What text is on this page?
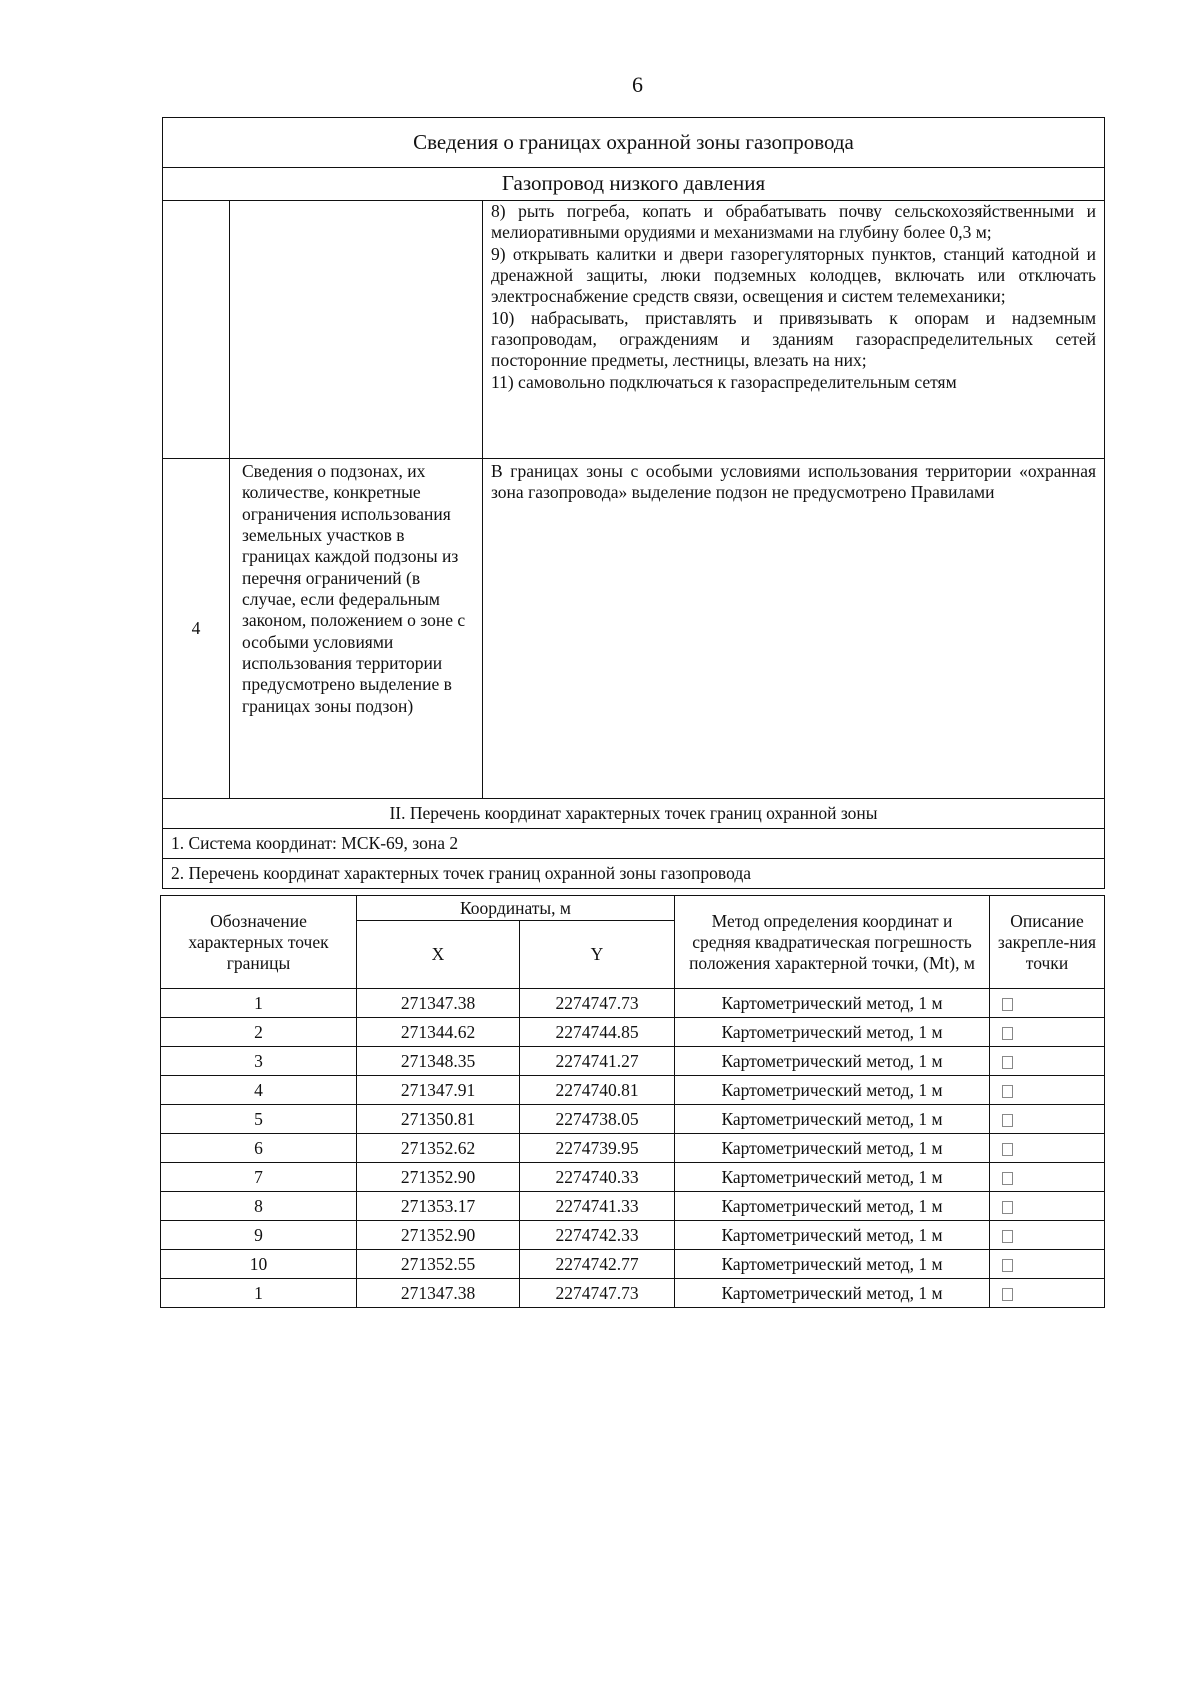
6
Сведения о границах охранной зоны газопровода		
Газопровод низкого давления		

		8) рыть погреба, копать и обрабатывать почву сельскохозяйственными и мелиоративными орудиями и механизмами на глубину более 0,3 м;

9) открывать калитки и двери газорегуляторных пунктов, станций катодной и дренажной защиты, люки подземных колодцев, включать или отключать электроснабжение средств связи, освещения и систем телемеханики;

10) набрасывать, приставлять и привязывать к опорам и надземным газопроводам, ограждениям и зданиям газораспределительных сетей посторонние предметы, лестницы, влезать на них;

11) самовольно подключаться к газораспределительным сетям

4	Сведения о подзонах, их количестве, конкретные ограничения использования земельных участков в границах каждой подзоны из перечня ограничений (в случае, если федеральным законом, положением о зоне с особыми условиями использования территории предусмотрено выделение в границах зоны подзон)	В границах зоны с особыми условиями использования территории «охранная зона газопровода» выделение подзон не предусмотрено Правилами
II. Перечень координат характерных точек границ охранной зоны		
1. Система координат: МСК-69, зона 2		
2. Перечень координат характерных точек границ охранной зоны газопровода		
Обозначение характерных точек границы	Координаты, м		Метод определения координат и средняя квадратическая погрешность положения характерной точки, (Mt), м	Описание закрепле-ния точки
	X	Y		
1	271347.38	2274747.73	Картометрический метод, 1 м	
2	271344.62	2274744.85	Картометрический метод, 1 м	
3	271348.35	2274741.27	Картометрический метод, 1 м	
4	271347.91	2274740.81	Картометрический метод, 1 м	
5	271350.81	2274738.05	Картометрический метод, 1 м	
6	271352.62	2274739.95	Картометрический метод, 1 м	
7	271352.90	2274740.33	Картометрический метод, 1 м	
8	271353.17	2274741.33	Картометрический метод, 1 м	
9	271352.90	2274742.33	Картометрический метод, 1 м	
10	271352.55	2274742.77	Картометрический метод, 1 м	
1	271347.38	2274747.73	Картометрический метод, 1 м	
